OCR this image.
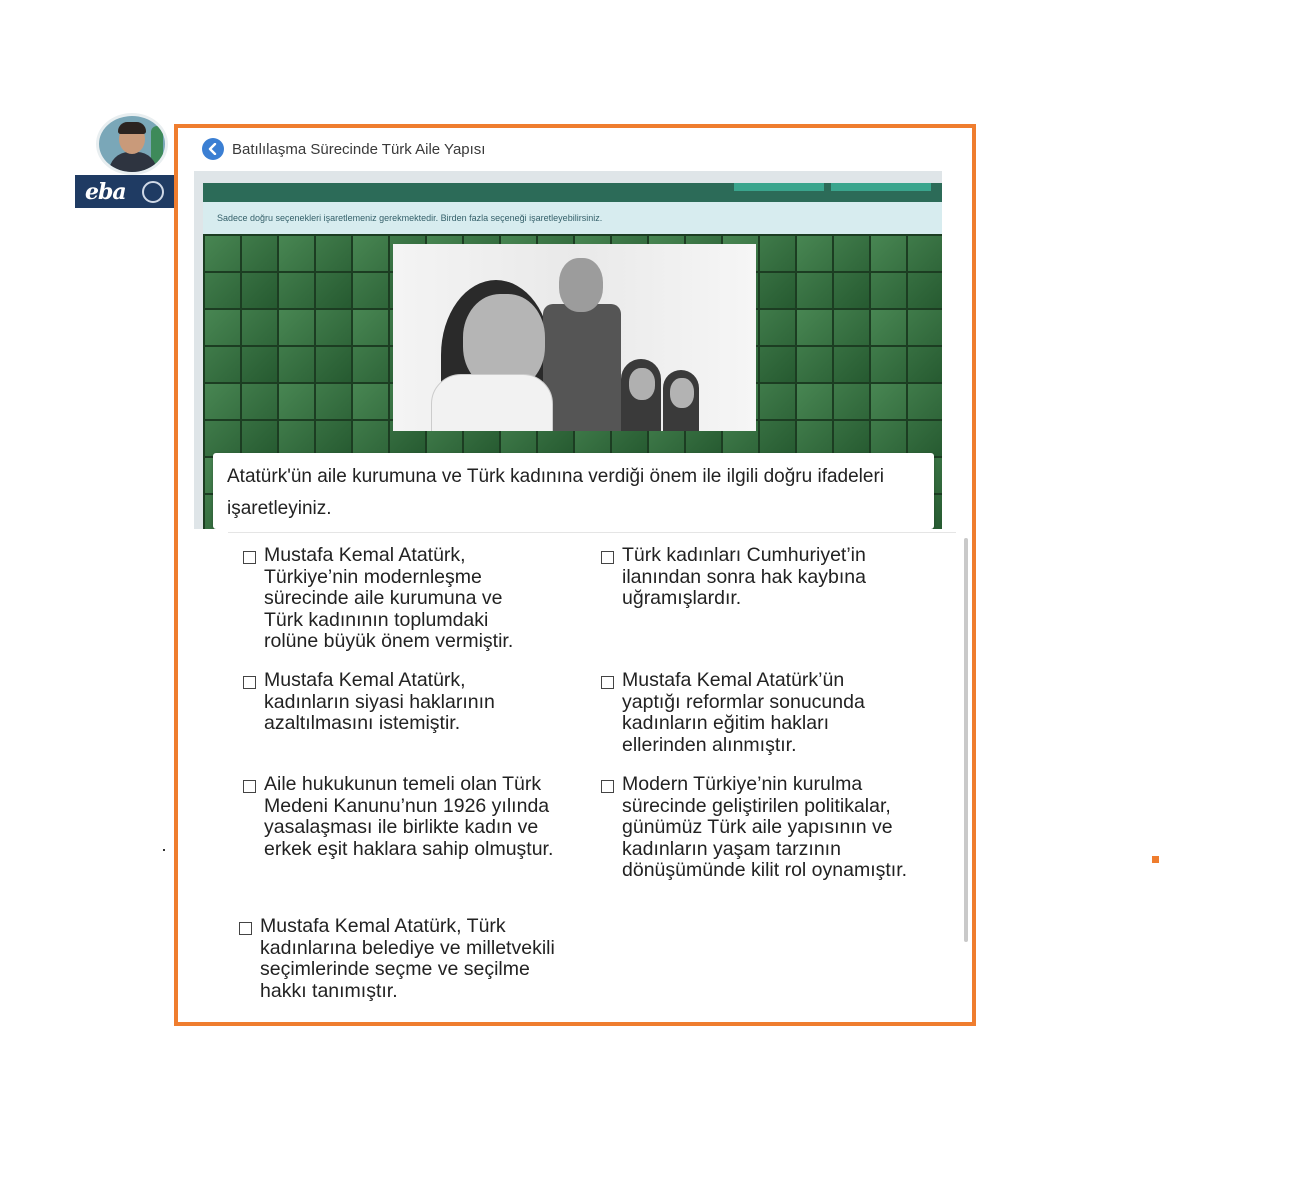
eba
Batılılaşma Sürecinde Türk Aile Yapısı
Sadece doğru seçenekleri işaretlemeniz gerekmektedir. Birden fazla seçeneği işaretleyebilirsiniz.
Atatürk'ün aile kurumuna ve Türk kadınına verdiği önem ile ilgili doğru ifadeleri işaretleyiniz.
Mustafa Kemal Atatürk, Türkiye’nin modernleşme sürecinde aile kurumuna ve Türk kadınının toplumdaki rolüne büyük önem vermiştir.
Türk kadınları Cumhuriyet’in ilanından sonra hak kaybına uğramışlardır.
Mustafa Kemal Atatürk, kadınların siyasi haklarının azaltılmasını istemiştir.
Mustafa Kemal Atatürk’ün yaptığı reformlar sonucunda kadınların eğitim hakları ellerinden alınmıştır.
Aile hukukunun temeli olan Türk Medeni Kanunu’nun 1926 yılında yasalaşması ile birlikte kadın ve erkek eşit haklara sahip olmuştur.
Modern Türkiye’nin kurulma sürecinde geliştirilen politikalar, günümüz Türk aile yapısının ve kadınların yaşam tarzının dönüşümünde kilit rol oynamıştır.
Mustafa Kemal Atatürk, Türk kadınlarına belediye ve milletvekili seçimlerinde seçme ve seçilme hakkı tanımıştır.
